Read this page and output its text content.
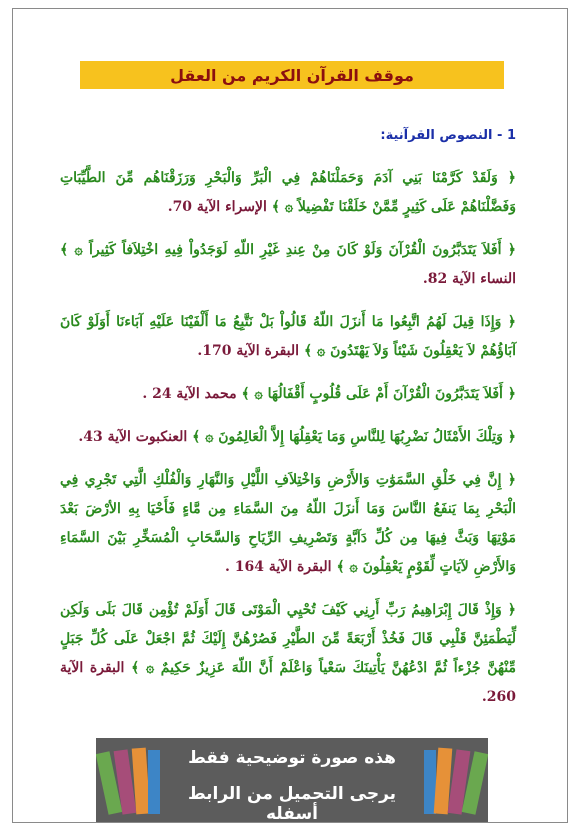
موقف القرآن الكريم من العقل
1 - النصوص القرآنية:

﴿ وَلَقَدْ كَرَّمْنَا بَنِي آدَمَ وَحَمَلْنَاهُمْ فِي الْبَرِّ وَالْبَحْرِ وَرَزَقْنَاهُم مِّنَ الطَّيِّبَاتِ وَفَضَّلْنَاهُمْ عَلَى كَثِيرٍ مِّمَّنْ خَلَقْنَا تَفْضِيلاً ۞ ﴾ الإسراء الآية 70.

﴿ أَفَلاَ يَتَدَبَّرُونَ الْقُرْآنَ وَلَوْ كَانَ مِنْ عِندِ غَيْرِ اللّهِ لَوَجَدُواْ فِيهِ اخْتِلاَفاً كَثِيراً ۞ ﴾ النساء الآية 82.

﴿ وَإِذَا قِيلَ لَهُمُ اتَّبِعُوا مَا أَنزَلَ اللّهُ قَالُواْ بَلْ نَتَّبِعُ مَا أَلْفَيْنَا عَلَيْهِ آبَاءنَا أَوَلَوْ كَانَ آبَاؤُهُمْ لاَ يَعْقِلُونَ شَيْئاً وَلاَ يَهْتَدُونَ ۞ ﴾ البقرة الآية 170.

﴿ أَفَلاَ يَتَدَبَّرُونَ الْقُرْآنَ أَمْ عَلَى قُلُوبٍ أَقْفَالُهَا ۞ ﴾ محمد الآية 24 .

﴿ وَتِلْكَ الأَمْثَالُ نَضْرِبُهَا لِلنَّاسِ وَمَا يَعْقِلُهَا إِلاَّ الْعَالِمُونَ ۞ ﴾ العنكبوت الآية 43.

﴿ إِنَّ فِي خَلْقِ السَّمَوَٰتِ وَالأَرْضِ وَاخْتِلاَفِ اللَّيْلِ وَالنَّهَارِ وَالْفُلْكِ الَّتِي تَجْرِي فِي الْبَحْرِ بِمَا يَنفَعُ النَّاسَ وَمَا أَنزَلَ اللّهُ مِنَ السَّمَاءِ مِن مَّاءٍ فَأَحْيَا بِهِ الأرْضَ بَعْدَ مَوْتِهَا وَبَثَّ فِيهَا مِن كُلِّ دَآبَّةٍ وَتَصْرِيفِ الرِّيَاحِ وَالسَّحَابِ الْمُسَخِّرِ بَيْنَ السَّمَاءِ وَالأَرْضِ لآيَاتٍ لِّقَوْمٍ يَعْقِلُونَ ۞ ﴾ البقرة الآية 164 .

﴿ وَإِذْ قَالَ إِبْرَاهِيمُ رَبِّ أَرِنِي كَيْفَ تُحْيِي الْمَوْتَى قَالَ أَوَلَمْ تُؤْمِن قَالَ بَلَى وَلَكِن لِّيَطْمَئِنَّ قَلْبِي قَالَ فَخُذْ أَرْبَعَةً مِّنَ الطَّيْرِ فَصُرْهُنَّ إِلَيْكَ ثُمَّ اجْعَلْ عَلَى كُلِّ جَبَلٍ مِّنْهُنَّ جُزْءاً ثُمَّ ادْعُهُنَّ يَأْتِينَكَ سَعْياً وَاعْلَمْ أَنَّ اللّهَ عَزِيزٌ حَكِيمٌ ۞ ﴾ البقرة الآية 260.

هذه صورة توضيحية فقط
يرجى التحميل من الرابط أسفله
